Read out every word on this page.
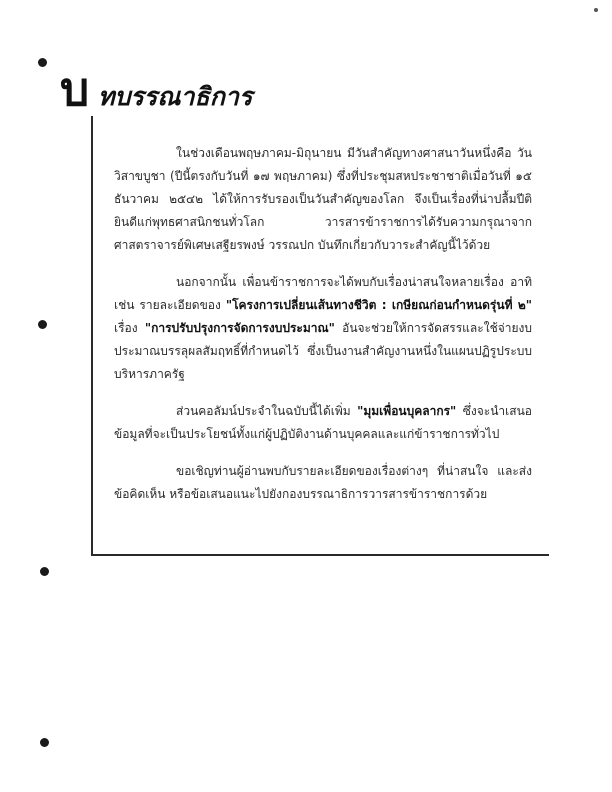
บ ทบรรณาธิการ

ในช่วงเดือนพฤษภาคม-มิถุนายน มีวันสำคัญทางศาสนาวันหนึ่งคือ วันวิสาขบูชา (ปีนี้ตรงกับวันที่ ๑๗ พฤษภาคม) ซึ่งที่ประชุมสหประชาชาติเมื่อวันที่ ๑๕ ธันวาคม ๒๕๔๒ ได้ให้การรับรองเป็นวันสำคัญของโลก จึงเป็นเรื่องที่น่าปลื้มปีติยินดีแก่พุทธศาสนิกชนทั่วโลก วารสารข้าราชการได้รับความกรุณาจากศาสตราจารย์พิเศษเสฐียรพงษ์ วรรณปก บันทึกเกี่ยวกับวาระสำคัญนี้ไว้ด้วย

นอกจากนั้น เพื่อนข้าราชการจะได้พบกับเรื่องน่าสนใจหลายเรื่อง อาทิเช่น รายละเอียดของ "โครงการเปลี่ยนเส้นทางชีวิต : เกษียณก่อนกำหนดรุ่นที่ ๒" เรื่อง "การปรับปรุงการจัดการงบประมาณ" อันจะช่วยให้การจัดสรรและใช้จ่ายงบประมาณบรรลุผลสัมฤทธิ์ที่กำหนดไว้ ซึ่งเป็นงานสำคัญงานหนึ่งในแผนปฏิรูประบบบริหารภาครัฐ

ส่วนคอลัมน์ประจำในฉบับนี้ได้เพิ่ม "มุมเพื่อนบุคลากร" ซึ่งจะนำเสนอข้อมูลที่จะเป็นประโยชน์ทั้งแก่ผู้ปฏิบัติงานด้านบุคคลและแก่ข้าราชการทั่วไป

ขอเชิญท่านผู้อ่านพบกับรายละเอียดของเรื่องต่างๆ ที่น่าสนใจ และส่งข้อคิดเห็น หรือข้อเสนอแนะไปยังกองบรรณาธิการวารสารข้าราชการด้วย
